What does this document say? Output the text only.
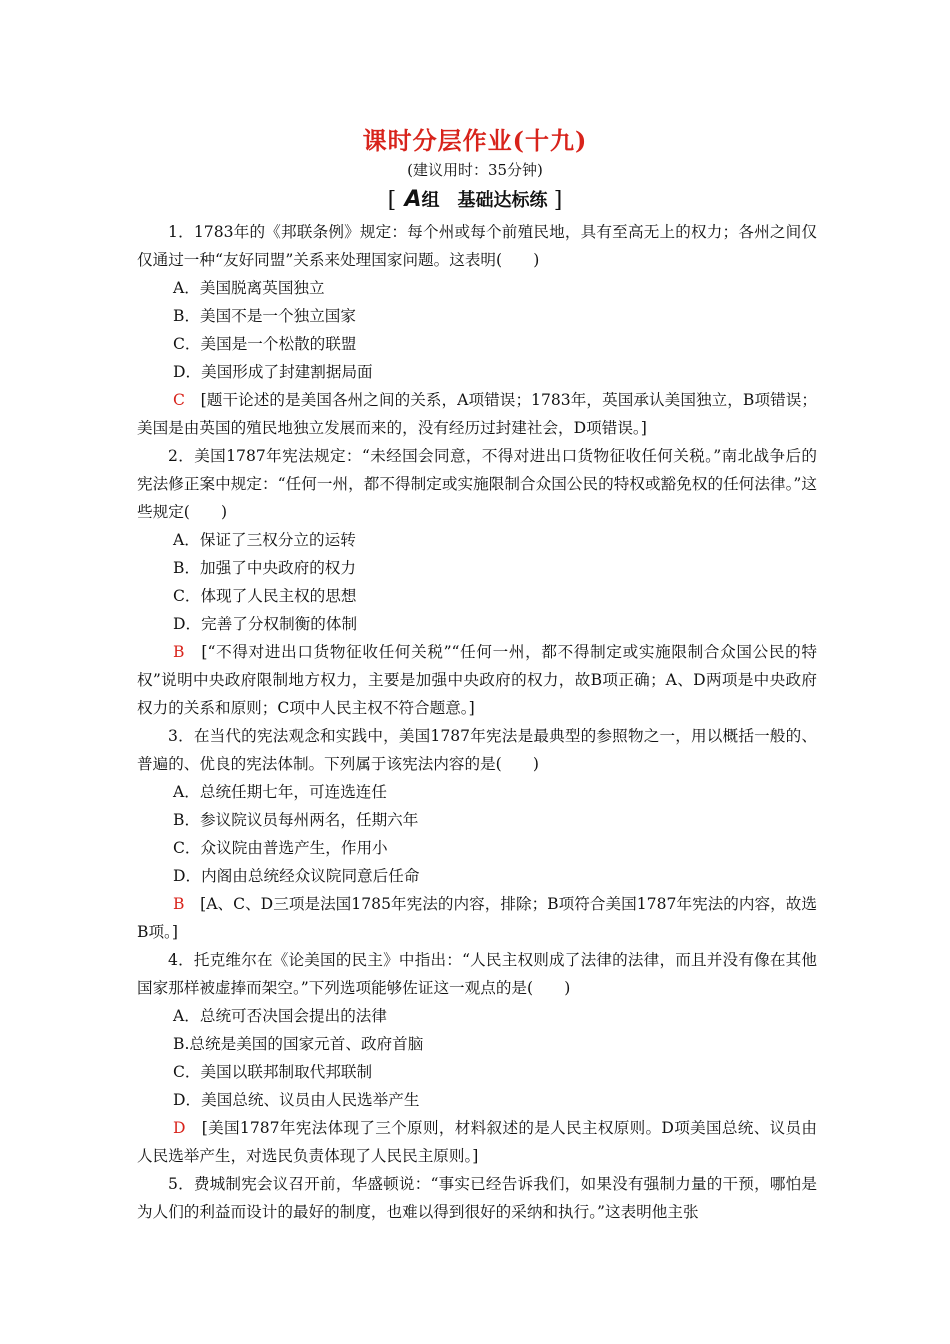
课时分层作业(十九)
(建议用时：35分钟)
[ A组　基础达标练 ]

1．1783年的《邦联条例》规定：每个州或每个前殖民地，具有至高无上的权力；各州之间仅仅通过一种“友好同盟”关系来处理国家问题。这表明(　　)

A．美国脱离英国独立

B．美国不是一个独立国家

C．美国是一个松散的联盟

D．美国形成了封建割据局面

C　 [题干论述的是美国各州之间的关系，A项错误；1783年，英国承认美国独立，B项错误；美国是由英国的殖民地独立发展而来的，没有经历过封建社会，D项错误。]

2．美国1787年宪法规定：“未经国会同意，不得对进出口货物征收任何关税。”南北战争后的宪法修正案中规定：“任何一州，都不得制定或实施限制合众国公民的特权或豁免权的任何法律。”这些规定(　　)

A．保证了三权分立的运转

B．加强了中央政府的权力

C．体现了人民主权的思想

D．完善了分权制衡的体制

B　 [“不得对进出口货物征收任何关税”“任何一州，都不得制定或实施限制合众国公民的特权”说明中央政府限制地方权力，主要是加强中央政府的权力，故B项正确；A、D两项是中央政府权力的关系和原则；C项中人民主权不符合题意。]

3．在当代的宪法观念和实践中，美国1787年宪法是最典型的参照物之一，用以概括一般的、普遍的、优良的宪法体制。下列属于该宪法内容的是(　　)

A．总统任期七年，可连选连任

B．参议院议员每州两名，任期六年

C．众议院由普选产生，作用小

D．内阁由总统经众议院同意后任命

B　 [A、C、D三项是法国1785年宪法的内容，排除；B项符合美国1787年宪法的内容，故选B项。]

4．托克维尔在《论美国的民主》中指出：“人民主权则成了法律的法律，而且并没有像在其他国家那样被虚捧而架空。”下列选项能够佐证这一观点的是(　　)

A．总统可否决国会提出的法律

B.总统是美国的国家元首、政府首脑

C．美国以联邦制取代邦联制

D．美国总统、议员由人民选举产生

D　 [美国1787年宪法体现了三个原则，材料叙述的是人民主权原则。D项美国总统、议员由人民选举产生，对选民负责体现了人民民主原则。]

5．费城制宪会议召开前，华盛顿说：“事实已经告诉我们，如果没有强制力量的干预，哪怕是为人们的利益而设计的最好的制度，也难以得到很好的采纳和执行。”这表明他主张
